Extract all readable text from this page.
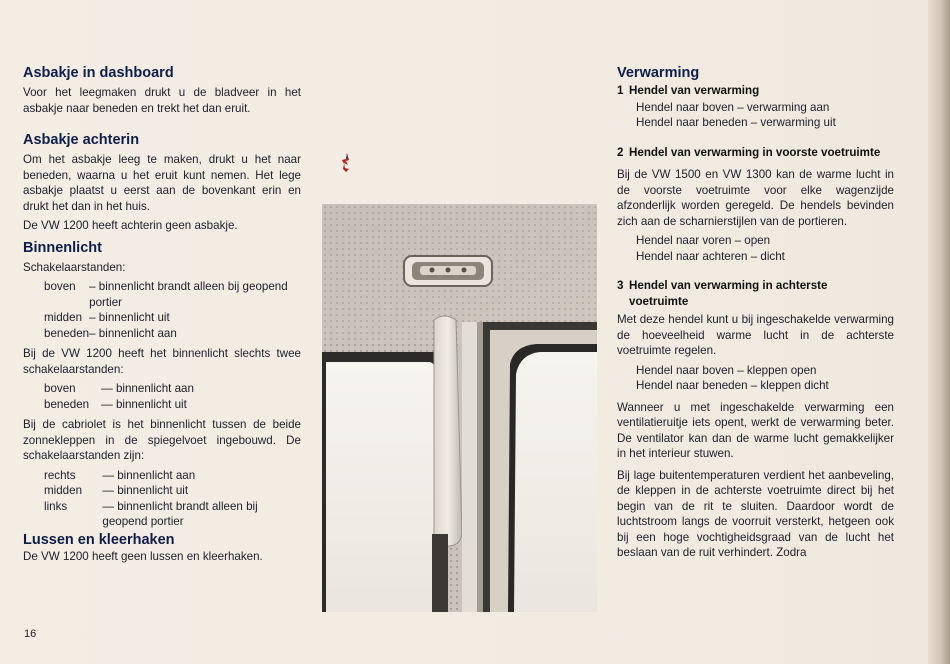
Asbakje in dashboard

Voor het leegmaken drukt u de bladveer in het asbakje naar beneden en trekt het dan eruit.

Asbakje achterin

Om het asbakje leeg te maken, drukt u het naar beneden, waarna u het eruit kunt nemen. Het lege asbakje plaatst u eerst aan de bovenkant erin en drukt het dan in het huis.

De VW 1200 heeft achterin geen asbakje.

Binnenlicht

Schakelaarstanden:

boven	– binnenlicht brandt alleen bij geopend portier
midden	– binnenlicht uit
beneden	– binnenlicht aan

Bij de VW 1200 heeft het binnenlicht slechts twee schakelaarstanden:

boven	— binnenlicht aan
beneden	— binnenlicht uit

Bij de cabriolet is het binnenlicht tussen de beide zonnekleppen in de spiegelvoet ingebouwd. De schakelaarstanden zijn:

rechts	— binnenlicht aan
midden	— binnenlicht uit
links	— binnenlicht brandt alleen bij geopend portier
Lussen en kleerhaken

De VW 1200 heeft geen lussen en kleerhaken.

16
Verwarming
1 Hendel van verwarming
Hendel naar boven – verwarming aan
Hendel naar beneden – verwarming uit
2 Hendel van verwarming in voorste voetruimte

Bij de VW 1500 en VW 1300 kan de warme lucht in de voorste voetruimte voor elke wagenzijde afzonderlijk worden geregeld. De hendels bevinden zich aan de scharnierstijlen van de portieren.

Hendel naar voren – open
Hendel naar achteren – dicht
3 Hendel van verwarming in achterste voetruimte

Met deze hendel kunt u bij ingeschakelde verwarming de hoeveelheid warme lucht in de achterste voetruimte regelen.

Hendel naar boven – kleppen open
Hendel naar beneden – kleppen dicht

Wanneer u met ingeschakelde verwarming een ventilatieruitje iets opent, werkt de verwarming beter. De ventilator kan dan de warme lucht gemakkelijker in het interieur stuwen.

Bij lage buitentemperaturen verdient het aanbeveling, de kleppen in de achterste voetruimte direct bij het begin van de rit te sluiten. Daardoor wordt de luchtstroom langs de voorruit versterkt, hetgeen ook bij een hoge vochtigheidsgraad van de lucht het beslaan van de ruit verhindert. Zodra
